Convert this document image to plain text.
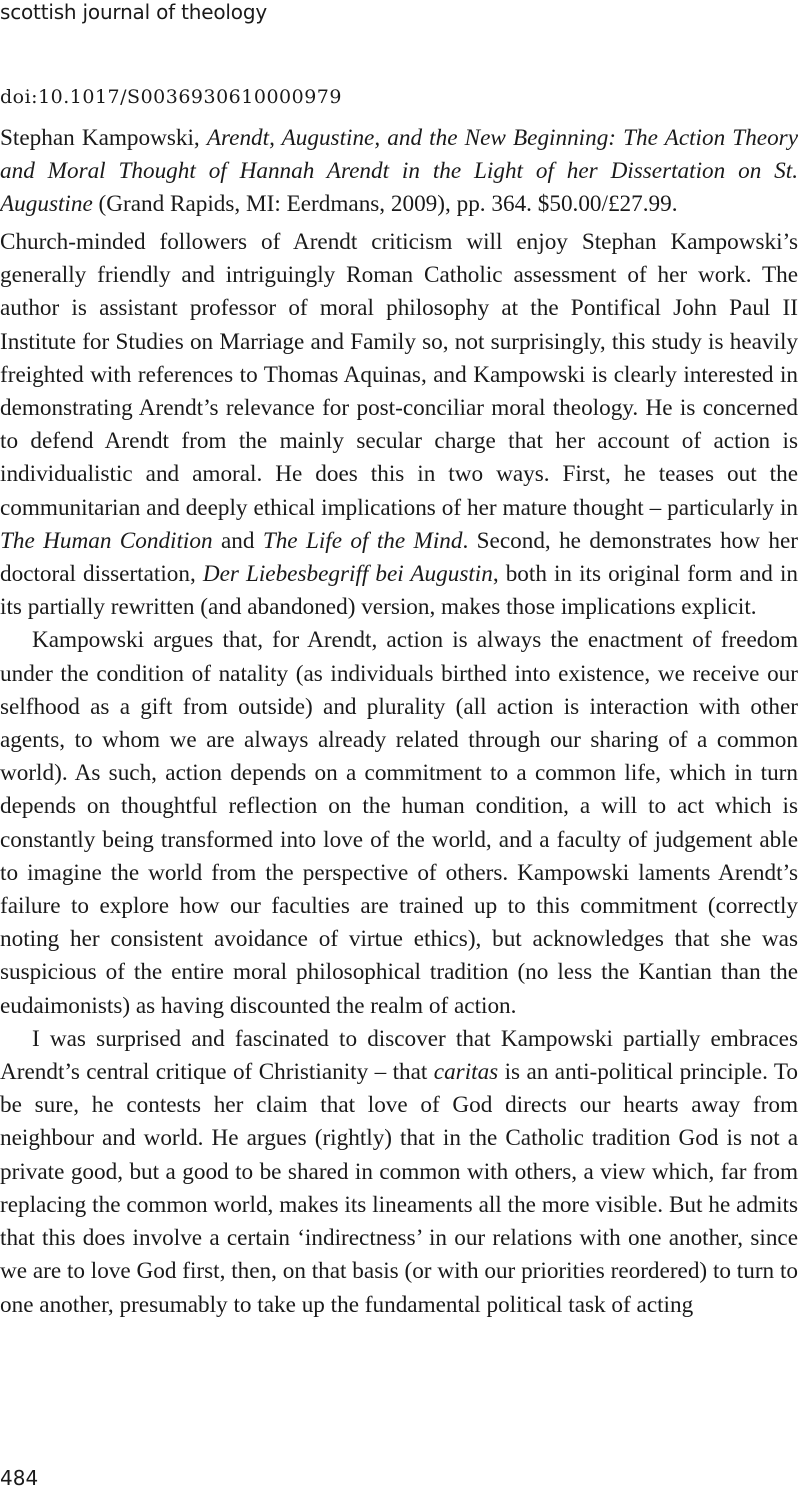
scottish journal of theology
doi:10.1017/S0036930610000979
Stephan Kampowski, Arendt, Augustine, and the New Beginning: The Action Theory and Moral Thought of Hannah Arendt in the Light of her Dissertation on St. Augustine (Grand Rapids, MI: Eerdmans, 2009), pp. 364. $50.00/£27.99.

Church-minded followers of Arendt criticism will enjoy Stephan Kampowski’s generally friendly and intriguingly Roman Catholic assessment of her work. The author is assistant professor of moral philosophy at the Pontifical John Paul II Institute for Studies on Marriage and Family so, not surprisingly, this study is heavily freighted with references to Thomas Aquinas, and Kampowski is clearly interested in demonstrating Arendt’s relevance for post-conciliar moral theology. He is concerned to defend Arendt from the mainly secular charge that her account of action is individualistic and amoral. He does this in two ways. First, he teases out the communitarian and deeply ethical implications of her mature thought – particularly in The Human Condition and The Life of the Mind. Second, he demonstrates how her doctoral dissertation, Der Liebesbegriff bei Augustin, both in its original form and in its partially rewritten (and abandoned) version, makes those implications explicit.

Kampowski argues that, for Arendt, action is always the enactment of freedom under the condition of natality (as individuals birthed into existence, we receive our selfhood as a gift from outside) and plurality (all action is interaction with other agents, to whom we are always already related through our sharing of a common world). As such, action depends on a commitment to a common life, which in turn depends on thoughtful reflection on the human condition, a will to act which is constantly being transformed into love of the world, and a faculty of judgement able to imagine the world from the perspective of others. Kampowski laments Arendt’s failure to explore how our faculties are trained up to this commitment (correctly noting her consistent avoidance of virtue ethics), but acknowledges that she was suspicious of the entire moral philosophical tradition (no less the Kantian than the eudaimonists) as having discounted the realm of action.

I was surprised and fascinated to discover that Kampowski partially embraces Arendt’s central critique of Christianity – that caritas is an anti-political principle. To be sure, he contests her claim that love of God directs our hearts away from neighbour and world. He argues (rightly) that in the Catholic tradition God is not a private good, but a good to be shared in common with others, a view which, far from replacing the common world, makes its lineaments all the more visible. But he admits that this does involve a certain ‘indirectness’ in our relations with one another, since we are to love God first, then, on that basis (or with our priorities reordered) to turn to one another, presumably to take up the fundamental political task of acting

484
